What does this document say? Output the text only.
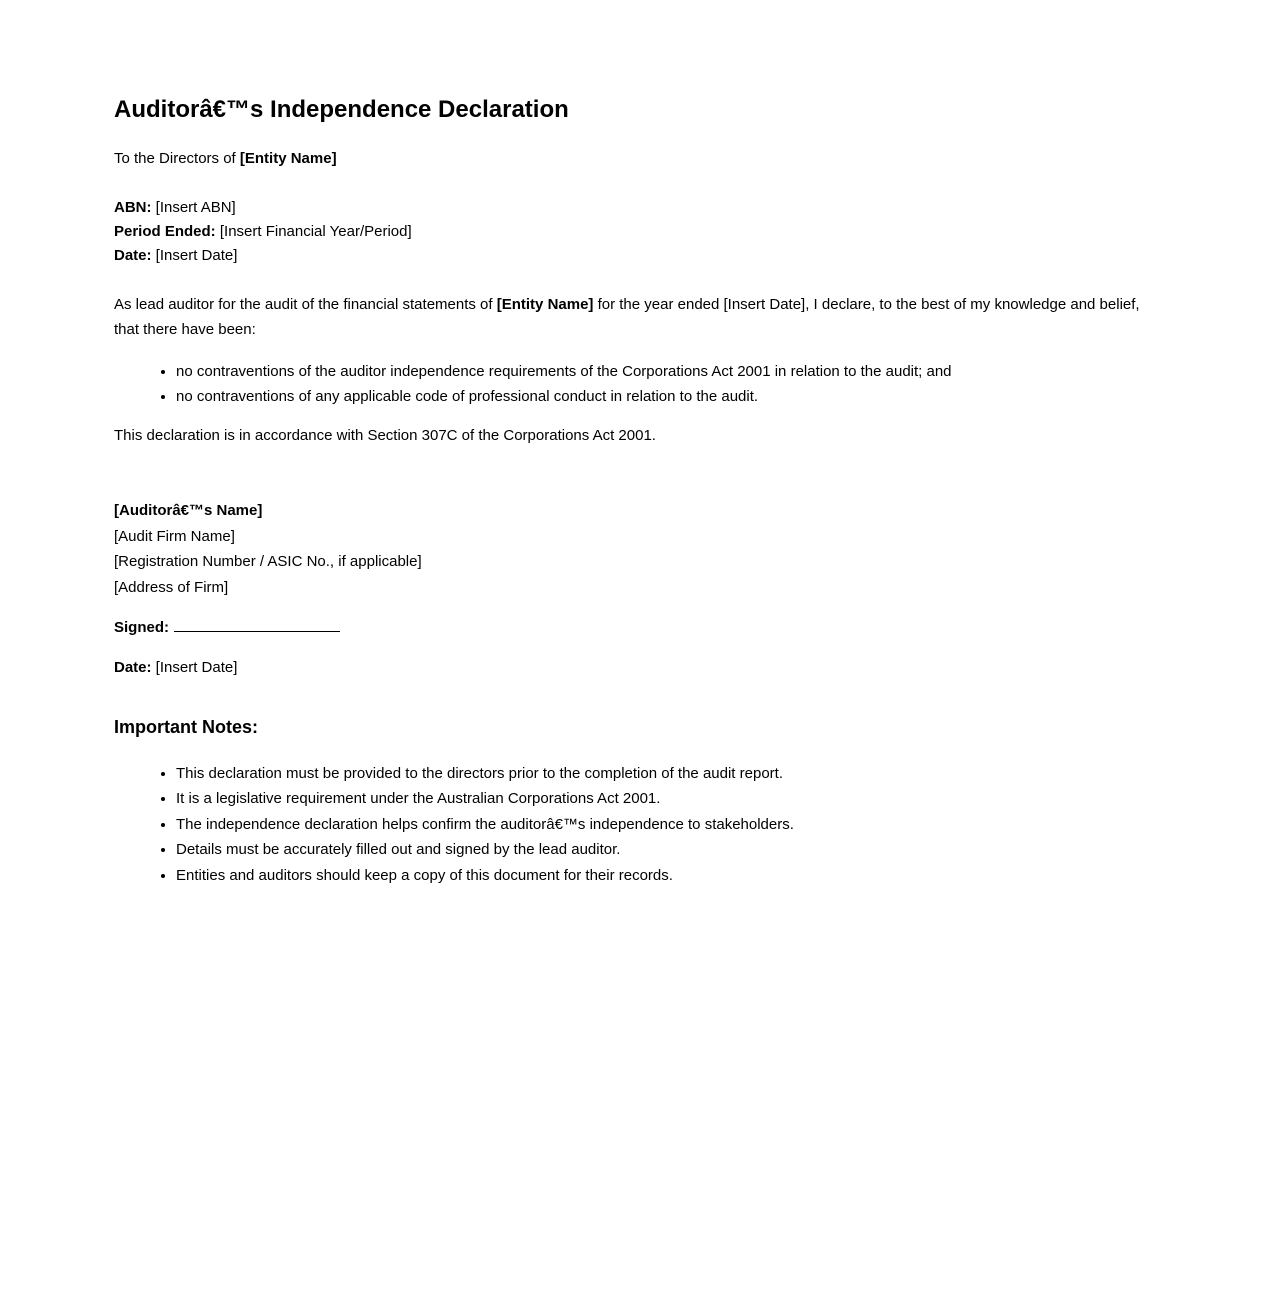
Auditorâ€™s Independence Declaration
To the Directors of [Entity Name]
ABN: [Insert ABN]
Period Ended: [Insert Financial Year/Period]
Date: [Insert Date]
As lead auditor for the audit of the financial statements of [Entity Name] for the year ended [Insert Date], I declare, to the best of my knowledge and belief, that there have been:
• no contraventions of the auditor independence requirements of the Corporations Act 2001 in relation to the audit; and
• no contraventions of any applicable code of professional conduct in relation to the audit.
This declaration is in accordance with Section 307C of the Corporations Act 2001.
[Auditorâ€™s Name]
[Audit Firm Name]
[Registration Number / ASIC No., if applicable]
[Address of Firm]
Signed:
Date: [Insert Date]
Important Notes:
• This declaration must be provided to the directors prior to the completion of the audit report.
• It is a legislative requirement under the Australian Corporations Act 2001.
• The independence declaration helps confirm the auditorâ€™s independence to stakeholders.
• Details must be accurately filled out and signed by the lead auditor.
• Entities and auditors should keep a copy of this document for their records.
